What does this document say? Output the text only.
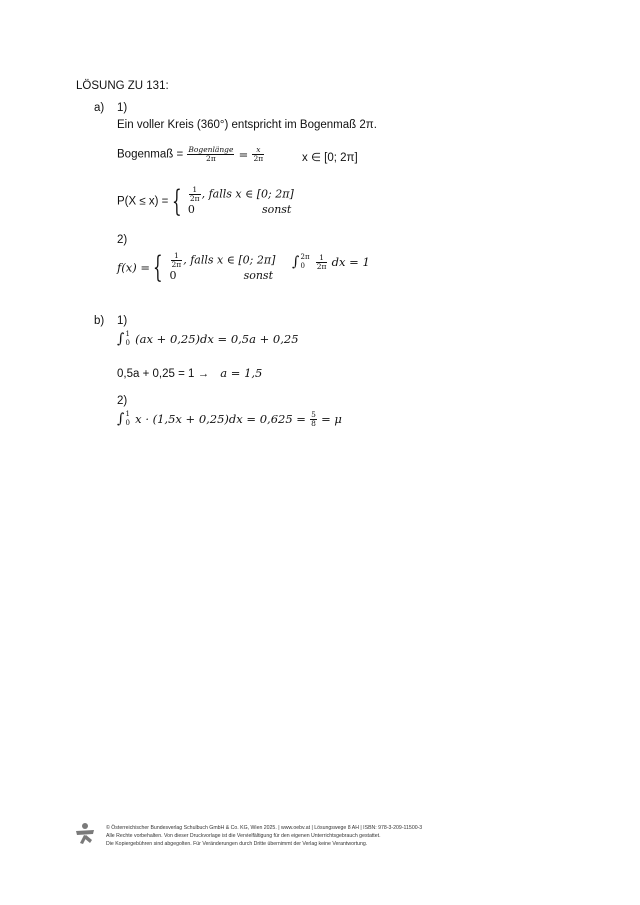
LÖSUNG ZU 131:
a) 1)
Ein voller Kreis (360°) entspricht im Bogenmaß 2π.
Bogenmaß = $\frac{\text{Bogenlänge}}{2\pi} = \frac{x}{2\pi}$	x ∈ [0; 2π]
P(X ≤ x) = { $\frac{1}{2\pi}$ , falls x ∈ [0; 2π]
0	sonst
2)
f(x) = { $\frac{1}{2\pi}$ , falls x ∈ [0; 2π]
0	sonst
∫ 2π
0
	$\frac{1}{2\pi}$ dx = 1
b) 1)
∫ 1
0 (ax + 0,25)dx = 0,5a + 0,25
0,5a + 0,25 = 1 → a = 1,5
2)
∫ 1
0 $x \cdot (1,5x + 0,25)dx = 0,625 = \frac{5}{8} = \mu$
© Österreichischer Bundesverlag Schulbuch GmbH & Co. KG, Wien 2025. | www.oebv.at | Lösungswege 8 AH | ISBN: 978-3-209-11500-3
Alle Rechte vorbehalten. Von dieser Druckvorlage ist die Vervielfältigung für den eigenen Unterrichtsgebrauch gestattet.
Die Kopiergebühren sind abgegolten. Für Veränderungen durch Dritte übernimmt der Verlag keine Verantwortung.
